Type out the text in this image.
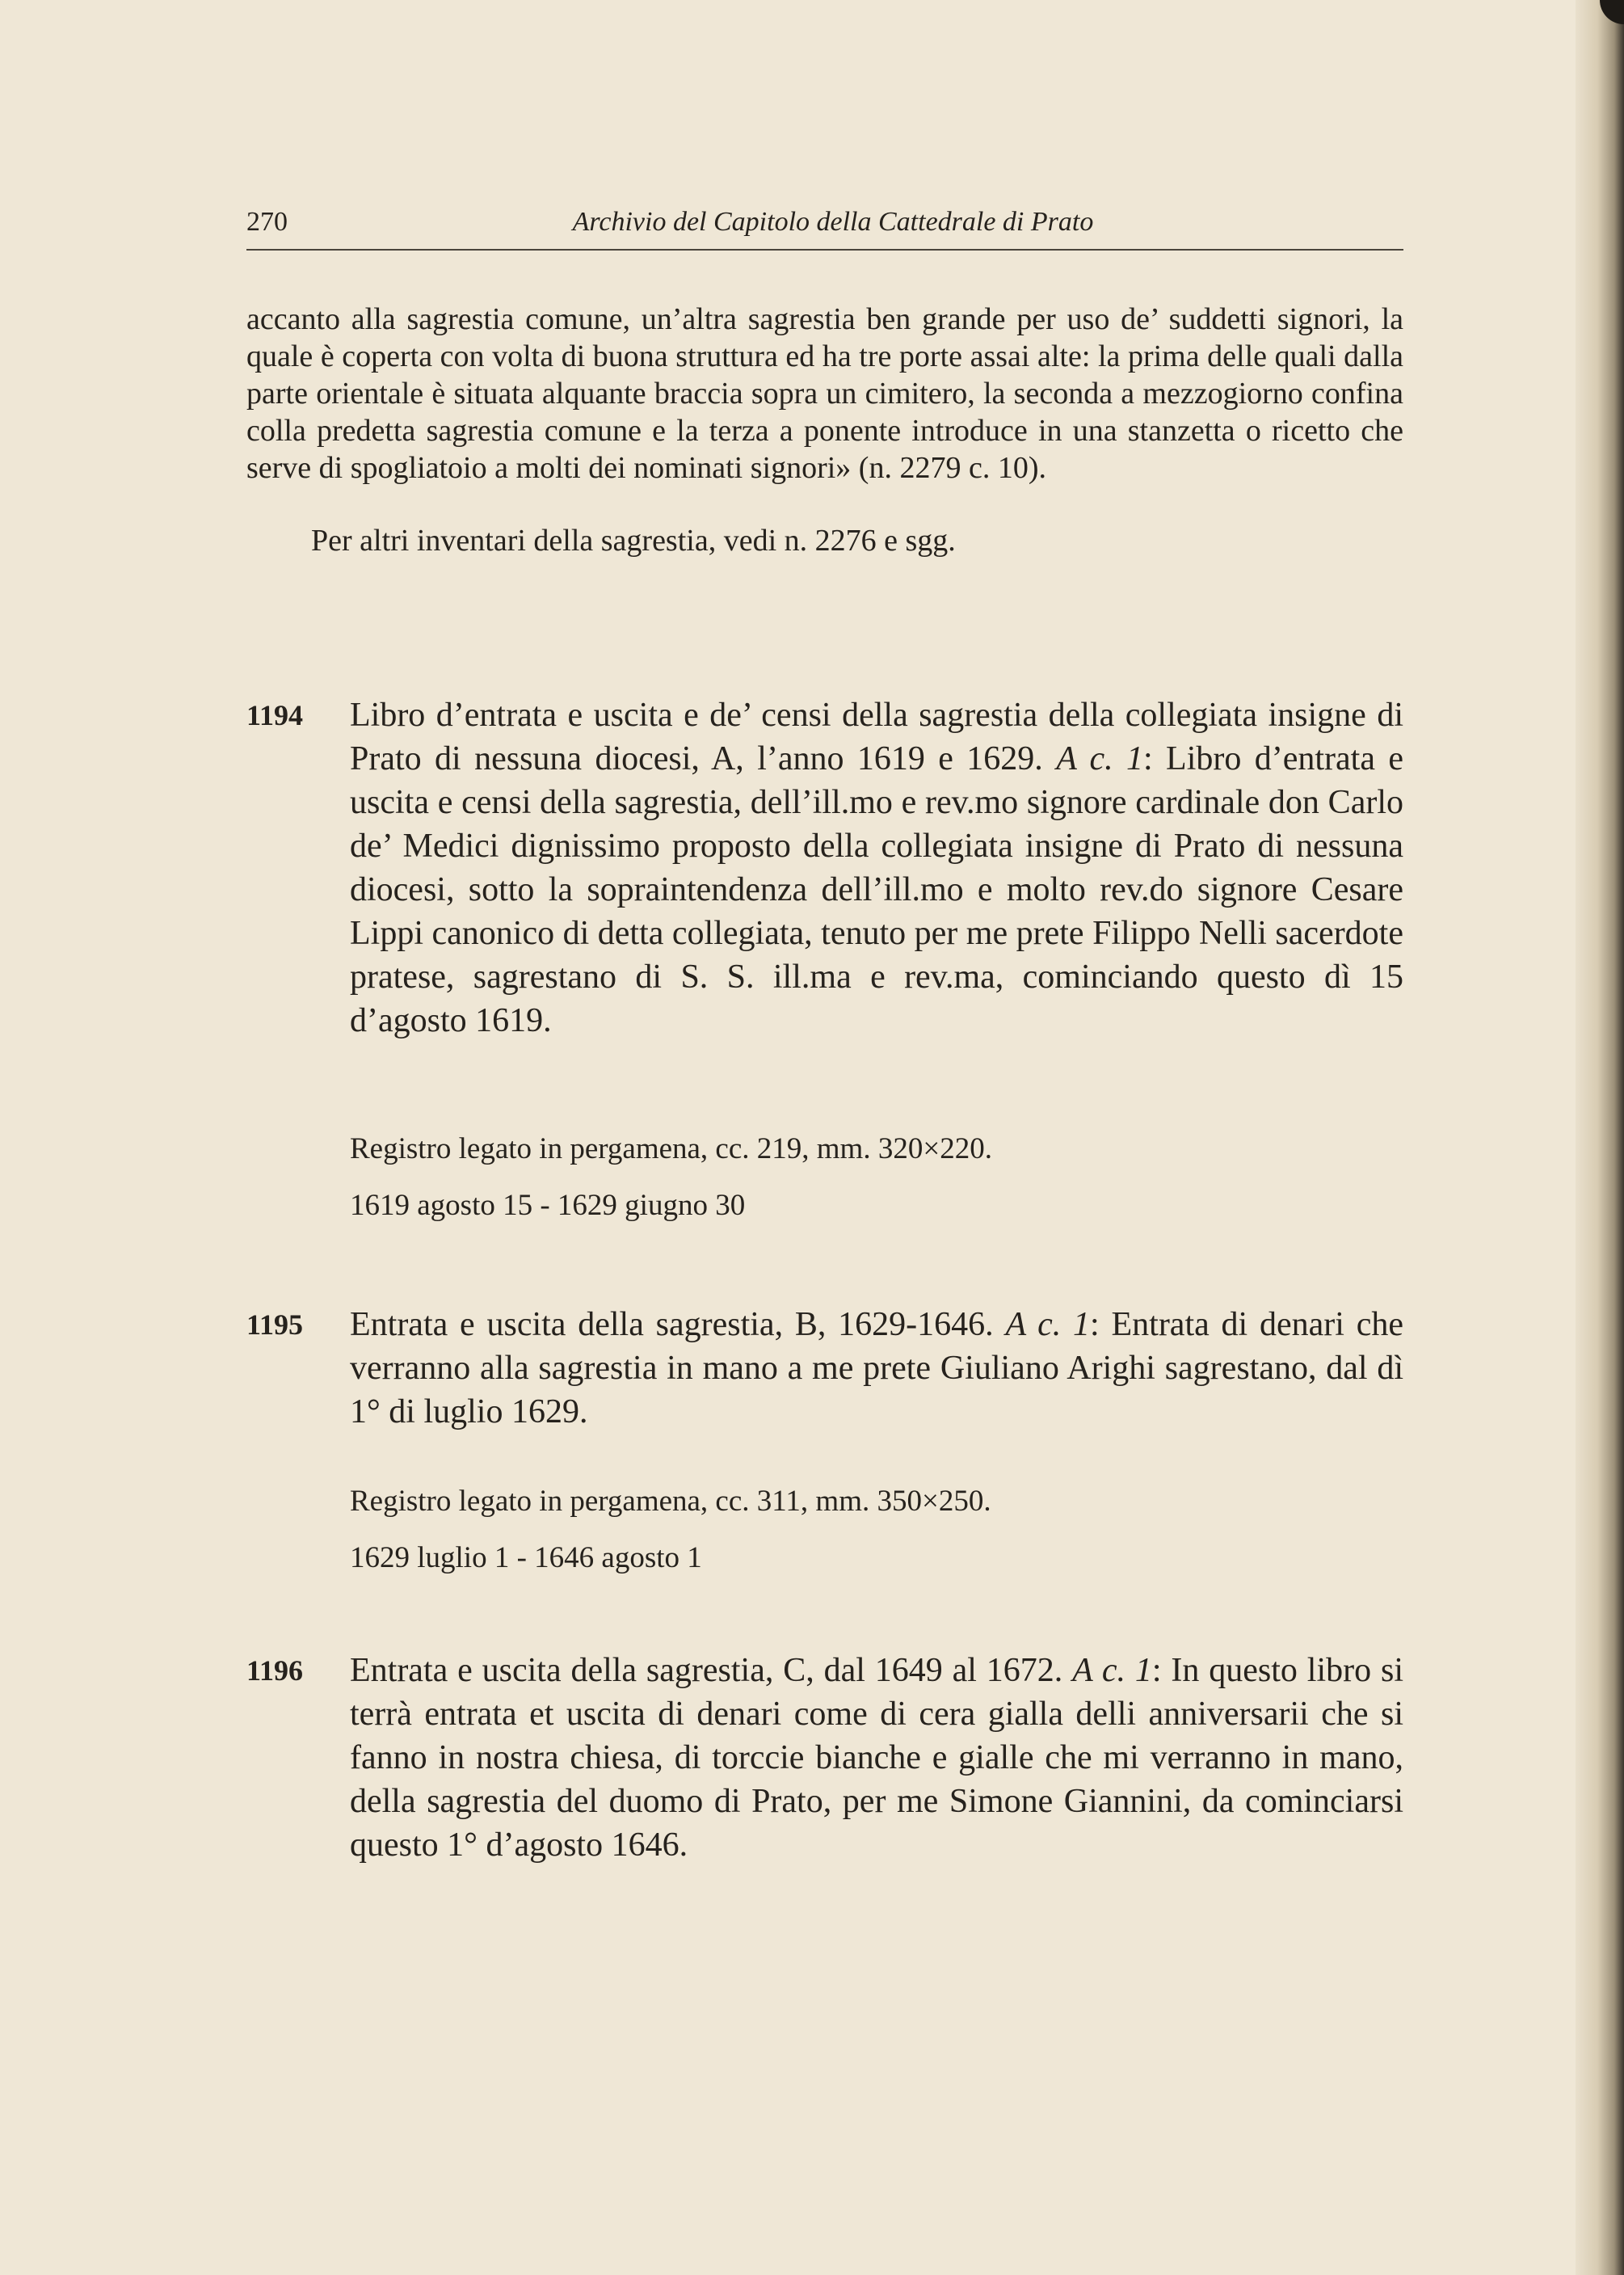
270	Archivio del Capitolo della Cattedrale di Prato

accanto alla sagrestia comune, un’altra sagrestia ben grande per uso de’ suddetti signori, la quale è coperta con volta di buona struttura ed ha tre porte assai alte: la prima delle quali dalla parte orientale è situata alquante braccia sopra un cimitero, la seconda a mezzogiorno confina colla predetta sagrestia comune e la terza a ponente introduce in una stanzetta o ricetto che serve di spogliatoio a molti dei nominati signori» (n. 2279 c. 10).

Per altri inventari della sagrestia, vedi n. 2276 e sgg.

1194 Libro d’entrata e uscita e de’ censi della sagrestia della collegiata insigne di Prato di nessuna diocesi, A, l’anno 1619 e 1629. A c. 1: Libro d’entrata e uscita e censi della sagrestia, dell’ill.mo e rev.mo signore cardinale don Carlo de’ Medici dignissimo proposto della collegiata insigne di Prato di nessuna diocesi, sotto la sopraintendenza dell’ill.mo e molto rev.do signore Cesare Lippi canonico di detta collegiata, tenuto per me prete Filippo Nelli sacerdote pratese, sagrestano di S. S. ill.ma e rev.ma, cominciando questo dì 15 d’agosto 1619.

Registro legato in pergamena, cc. 219, mm. 320×220.

1619 agosto 15 - 1629 giugno 30

1195 Entrata e uscita della sagrestia, B, 1629-1646. A c. 1: Entrata di denari che verranno alla sagrestia in mano a me prete Giuliano Arighi sagrestano, dal dì 1° di luglio 1629.

Registro legato in pergamena, cc. 311, mm. 350×250.

1629 luglio 1 - 1646 agosto 1

1196 Entrata e uscita della sagrestia, C, dal 1649 al 1672. A c. 1: In questo libro si terrà entrata et uscita di denari come di cera gialla delli anniversarii che si fanno in nostra chiesa, di torccie bianche e gialle che mi verranno in mano, della sagrestia del duomo di Prato, per me Simone Giannini, da cominciarsi questo 1° d’agosto 1646.
